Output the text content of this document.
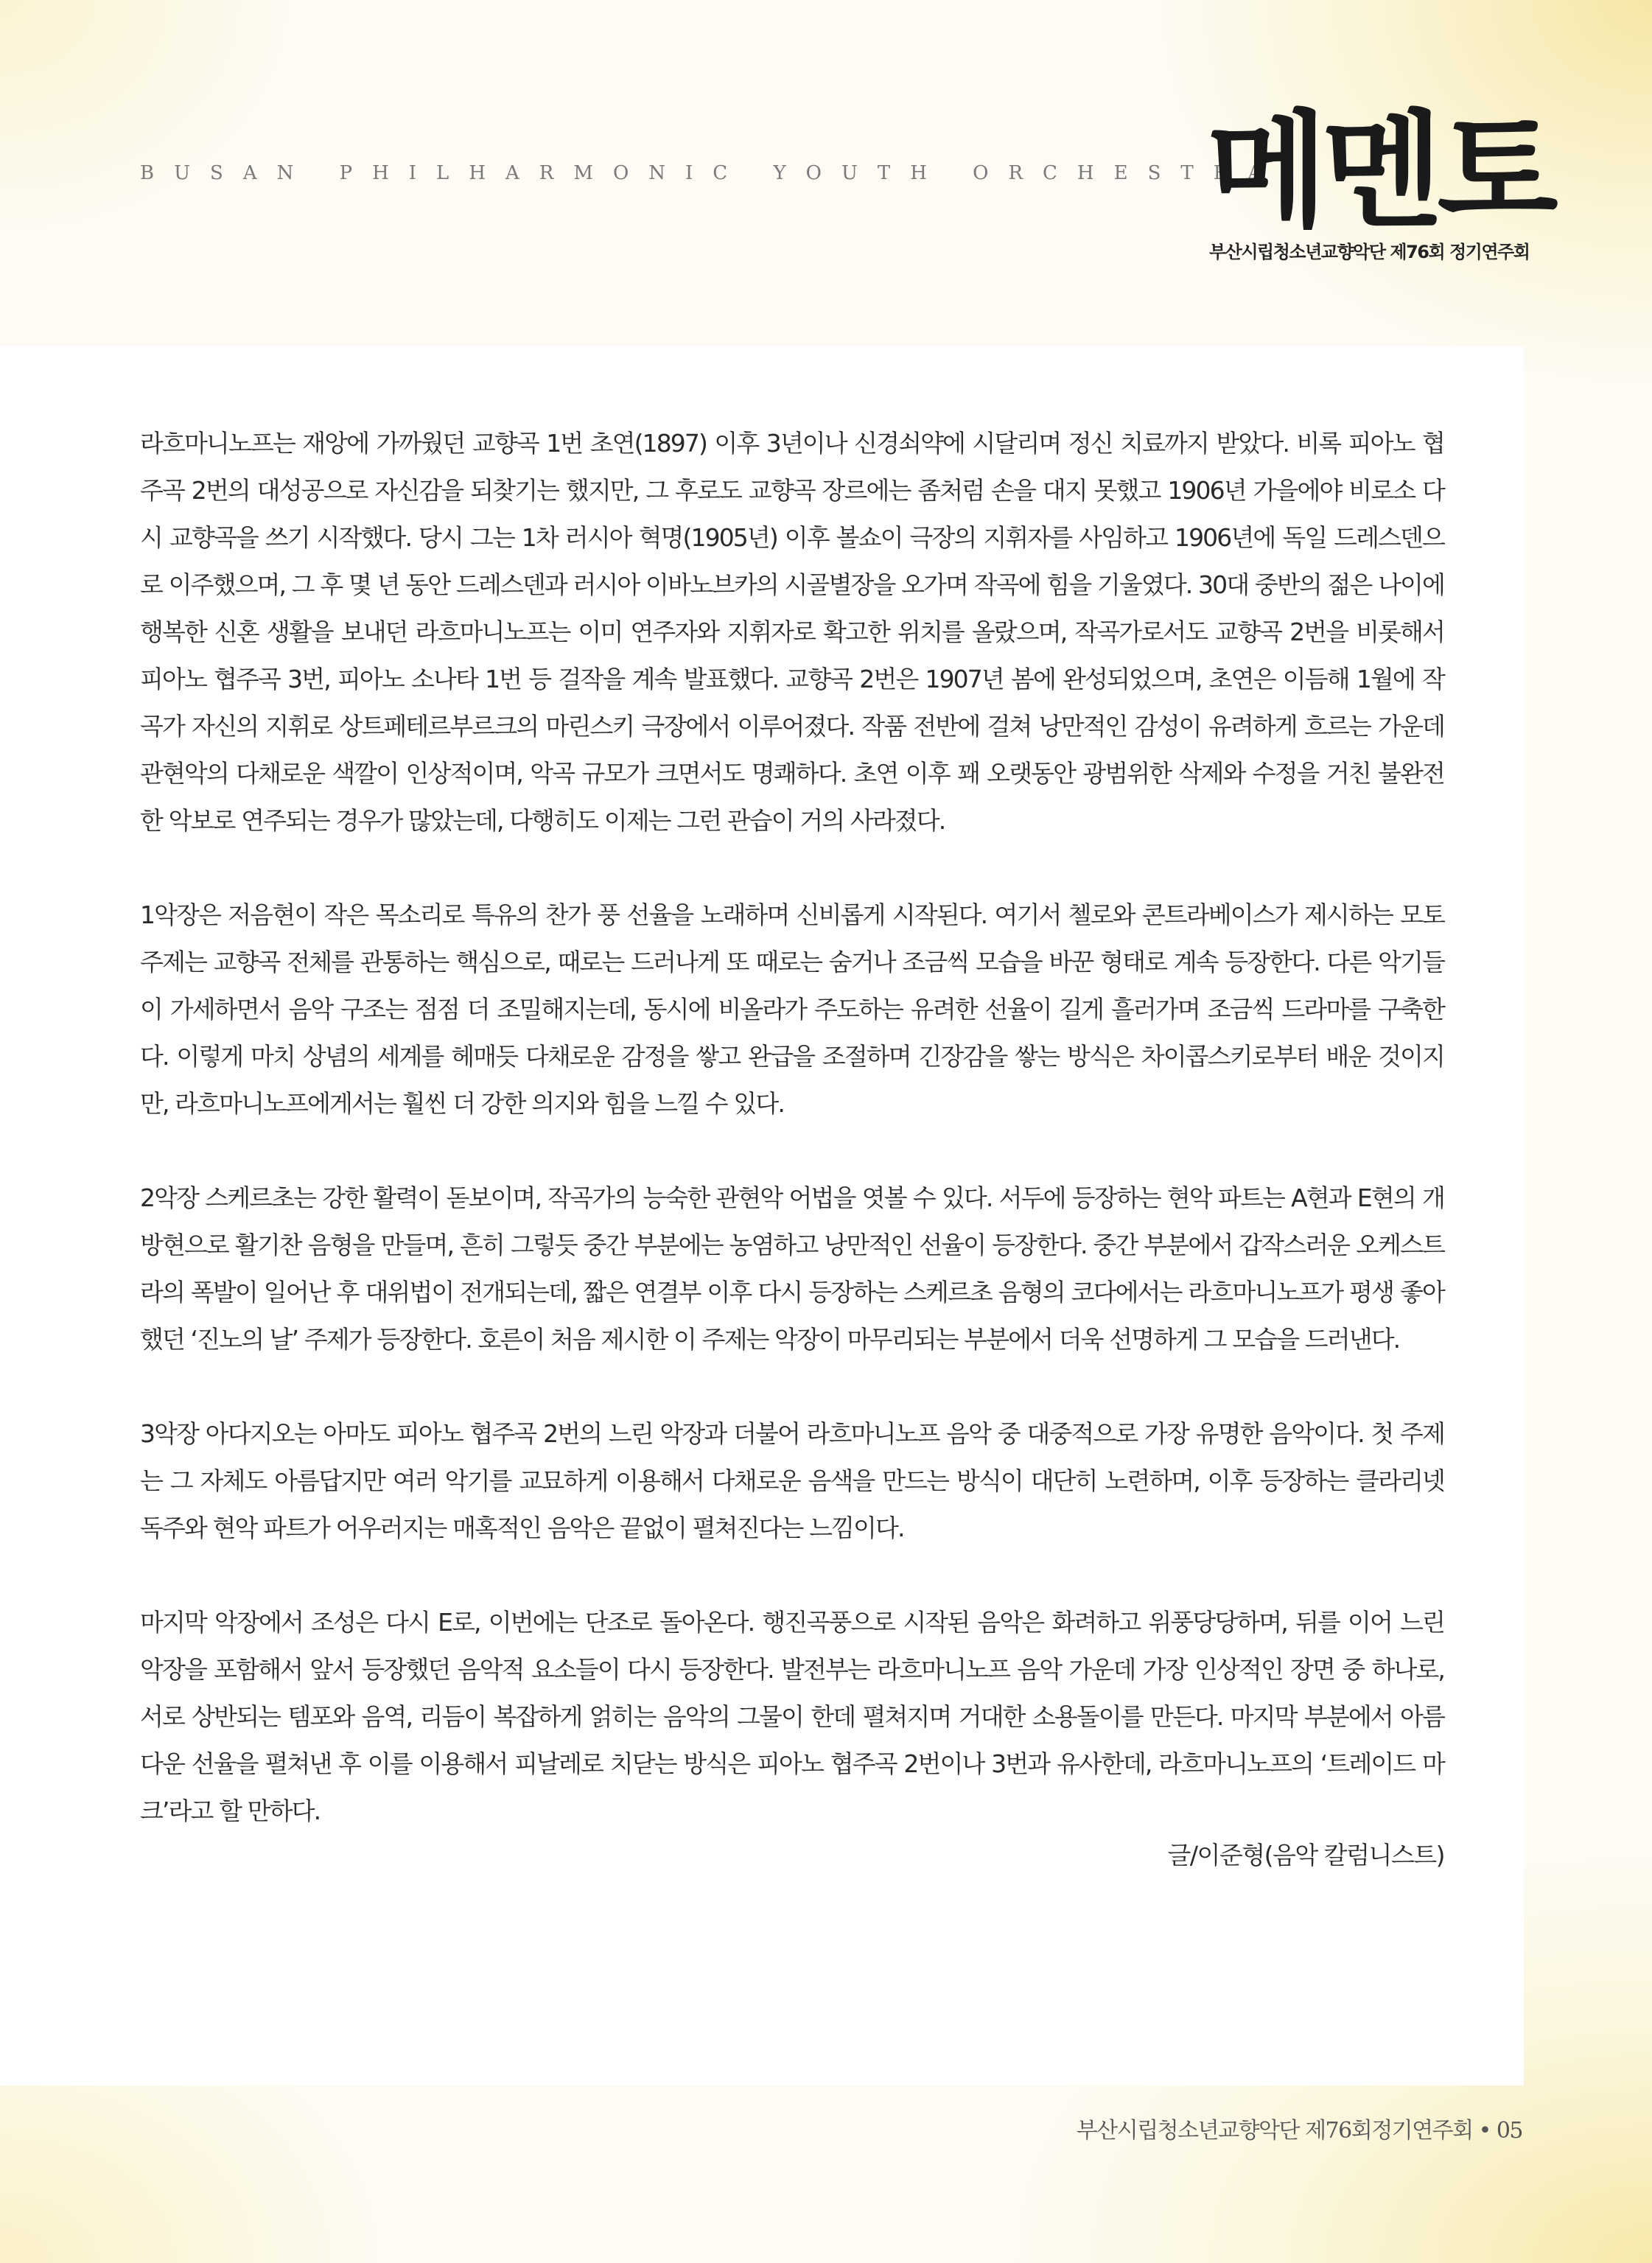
BUSAN PHILHARMONIC YOUTH ORCHESTRA
메멘토
부산시립청소년교향악단 제76회 정기연주회

라흐마니노프는 재앙에 가까웠던 교향곡 1번 초연(1897) 이후 3년이나 신경쇠약에 시달리며 정신 치료까지 받았다. 비록 피아노 협주곡 2번의 대성공으로 자신감을 되찾기는 했지만, 그 후로도 교향곡 장르에는 좀처럼 손을 대지 못했고 1906년 가을에야 비로소 다시 교향곡을 쓰기 시작했다. 당시 그는 1차 러시아 혁명(1905년) 이후 볼쇼이 극장의 지휘자를 사임하고 1906년에 독일 드레스덴으로 이주했으며, 그 후 몇 년 동안 드레스덴과 러시아 이바노브카의 시골별장을 오가며 작곡에 힘을 기울였다. 30대 중반의 젊은 나이에 행복한 신혼 생활을 보내던 라흐마니노프는 이미 연주자와 지휘자로 확고한 위치를 올랐으며, 작곡가로서도 교향곡 2번을 비롯해서 피아노 협주곡 3번, 피아노 소나타 1번 등 걸작을 계속 발표했다. 교향곡 2번은 1907년 봄에 완성되었으며, 초연은 이듬해 1월에 작곡가 자신의 지휘로 상트페테르부르크의 마린스키 극장에서 이루어졌다. 작품 전반에 걸쳐 낭만적인 감성이 유려하게 흐르는 가운데 관현악의 다채로운 색깔이 인상적이며, 악곡 규모가 크면서도 명쾌하다. 초연 이후 꽤 오랫동안 광범위한 삭제와 수정을 거친 불완전한 악보로 연주되는 경우가 많았는데, 다행히도 이제는 그런 관습이 거의 사라졌다.

1악장은 저음현이 작은 목소리로 특유의 찬가 풍 선율을 노래하며 신비롭게 시작된다. 여기서 첼로와 콘트라베이스가 제시하는 모토 주제는 교향곡 전체를 관통하는 핵심으로, 때로는 드러나게 또 때로는 숨거나 조금씩 모습을 바꾼 형태로 계속 등장한다. 다른 악기들이 가세하면서 음악 구조는 점점 더 조밀해지는데, 동시에 비올라가 주도하는 유려한 선율이 길게 흘러가며 조금씩 드라마를 구축한다. 이렇게 마치 상념의 세계를 헤매듯 다채로운 감정을 쌓고 완급을 조절하며 긴장감을 쌓는 방식은 차이콥스키로부터 배운 것이지만, 라흐마니노프에게서는 훨씬 더 강한 의지와 힘을 느낄 수 있다.

2악장 스케르초는 강한 활력이 돋보이며, 작곡가의 능숙한 관현악 어법을 엿볼 수 있다. 서두에 등장하는 현악 파트는 A현과 E현의 개방현으로 활기찬 음형을 만들며, 흔히 그렇듯 중간 부분에는 농염하고 낭만적인 선율이 등장한다. 중간 부분에서 갑작스러운 오케스트라의 폭발이 일어난 후 대위법이 전개되는데, 짧은 연결부 이후 다시 등장하는 스케르초 음형의 코다에서는 라흐마니노프가 평생 좋아했던 ‘진노의 날’ 주제가 등장한다. 호른이 처음 제시한 이 주제는 악장이 마무리되는 부분에서 더욱 선명하게 그 모습을 드러낸다.

3악장 아다지오는 아마도 피아노 협주곡 2번의 느린 악장과 더불어 라흐마니노프 음악 중 대중적으로 가장 유명한 음악이다. 첫 주제는 그 자체도 아름답지만 여러 악기를 교묘하게 이용해서 다채로운 음색을 만드는 방식이 대단히 노련하며, 이후 등장하는 클라리넷 독주와 현악 파트가 어우러지는 매혹적인 음악은 끝없이 펼쳐진다는 느낌이다.

마지막 악장에서 조성은 다시 E로, 이번에는 단조로 돌아온다. 행진곡풍으로 시작된 음악은 화려하고 위풍당당하며, 뒤를 이어 느린 악장을 포함해서 앞서 등장했던 음악적 요소들이 다시 등장한다. 발전부는 라흐마니노프 음악 가운데 가장 인상적인 장면 중 하나로, 서로 상반되는 템포와 음역, 리듬이 복잡하게 얽히는 음악의 그물이 한데 펼쳐지며 거대한 소용돌이를 만든다. 마지막 부분에서 아름다운 선율을 펼쳐낸 후 이를 이용해서 피날레로 치닫는 방식은 피아노 협주곡 2번이나 3번과 유사한데, 라흐마니노프의 ‘트레이드 마크’라고 할 만하다.

글/이준형(음악 칼럼니스트)
부산시립청소년교향악단 제76회정기연주회 • 05
